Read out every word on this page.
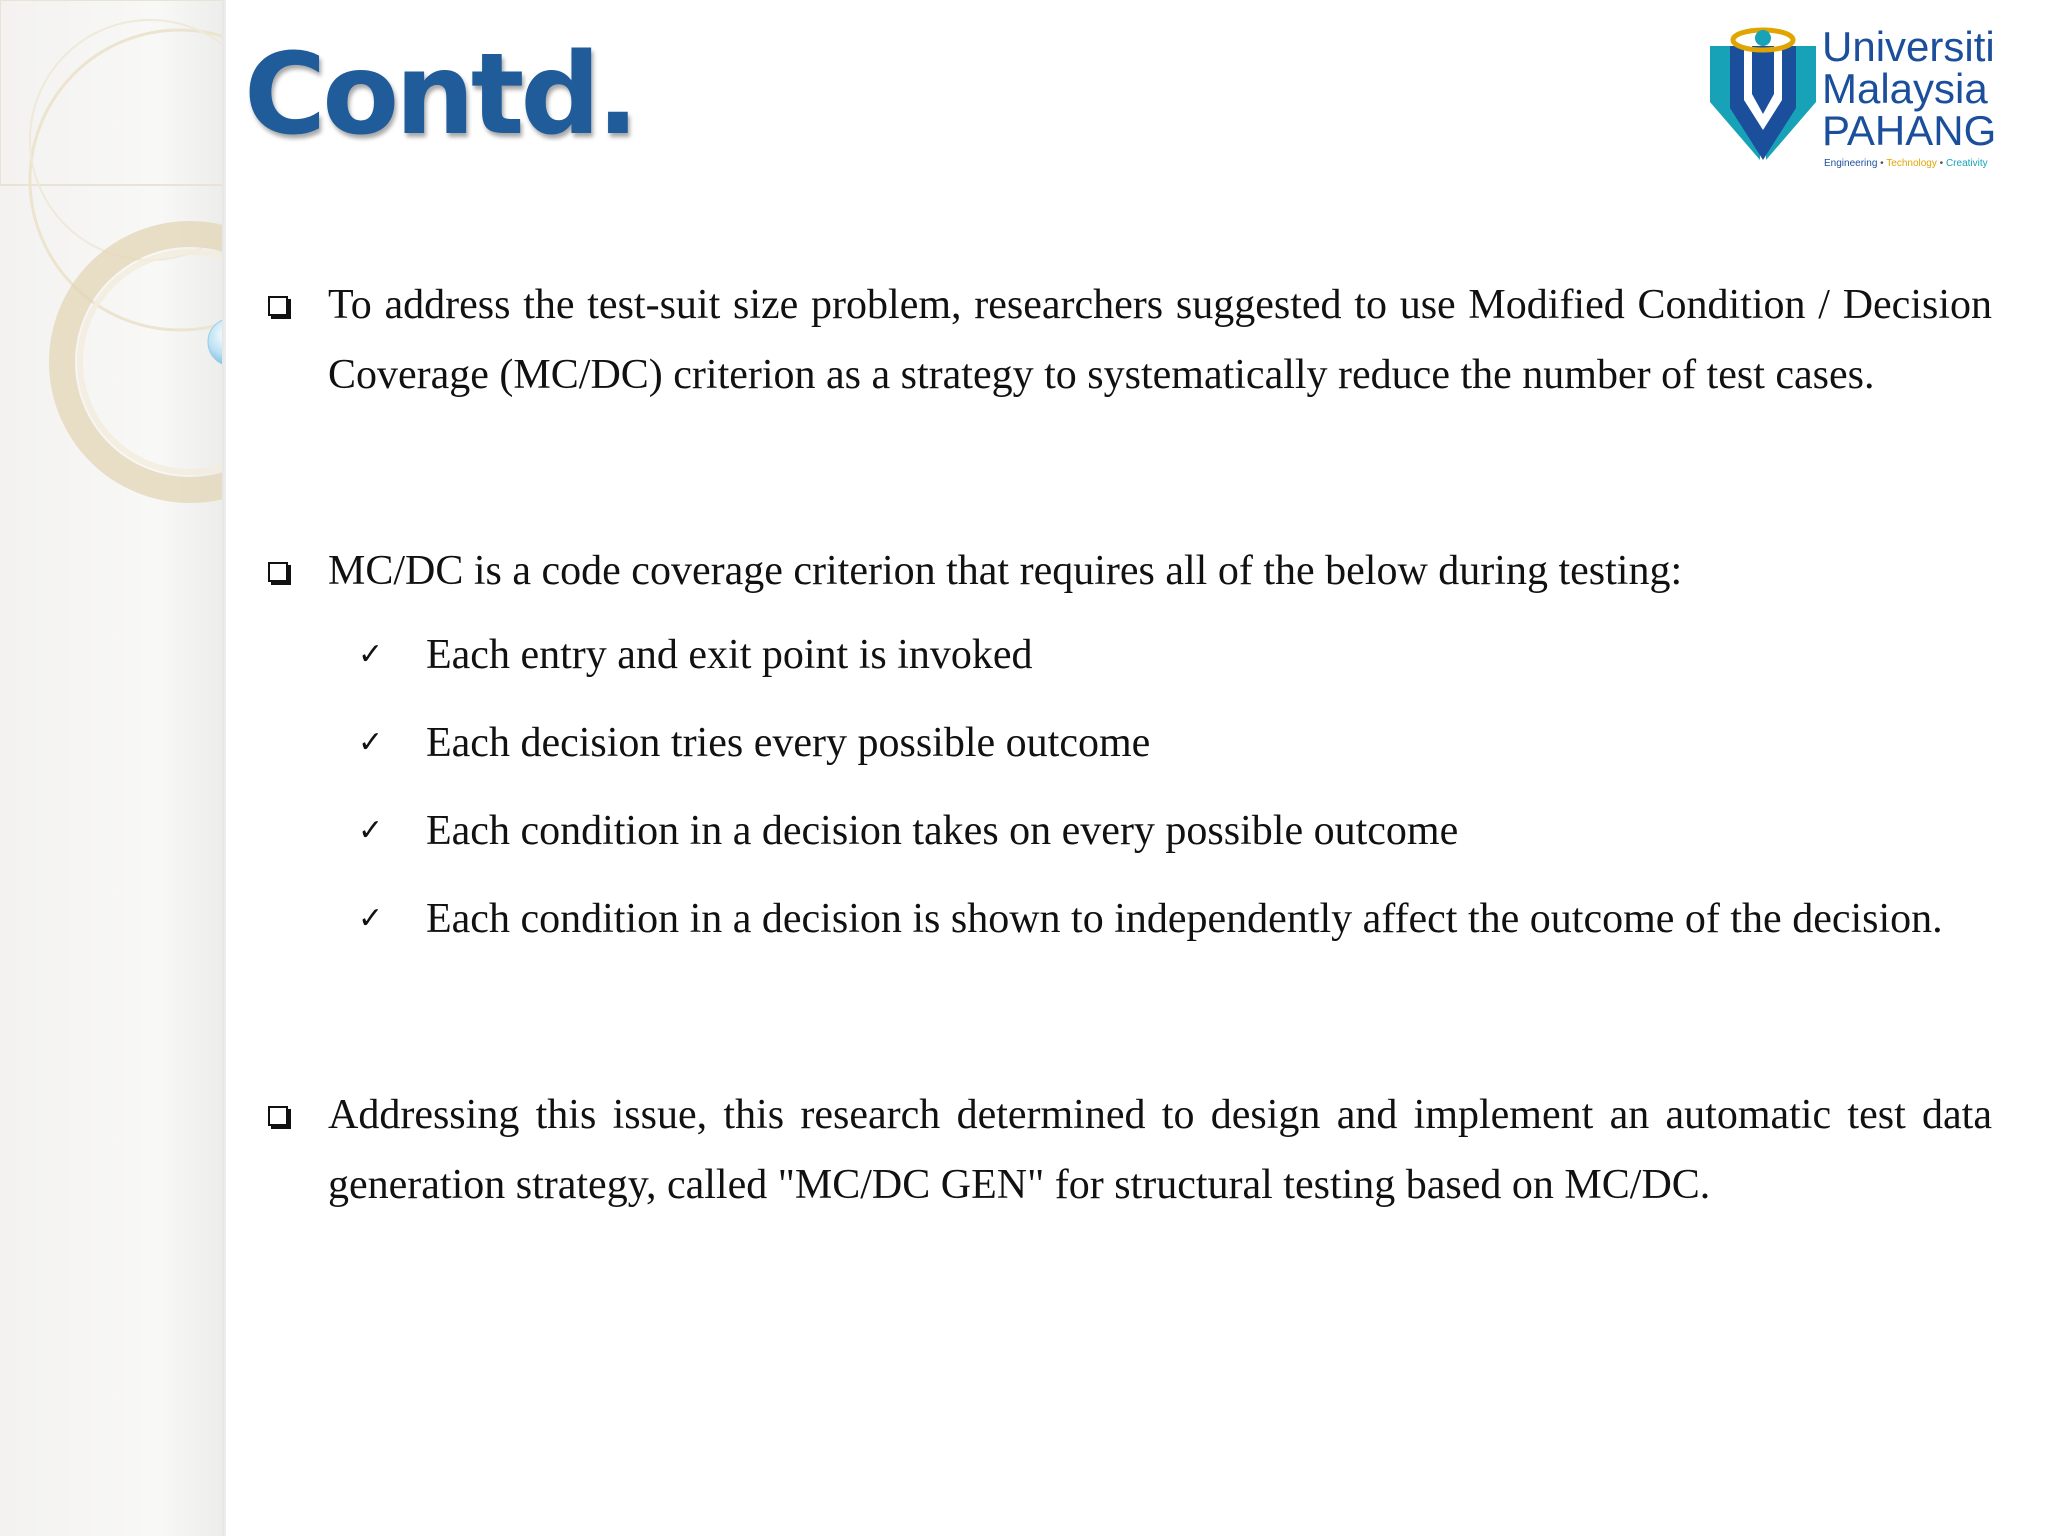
Contd.	Universiti
Malaysia
PAHANG
Engineering • Technology • Creativity
To address the test-suit size problem, researchers suggested to use Modified Condition / Decision Coverage (MC/DC) criterion as a strategy to systematically reduce the number of test cases.
MC/DC is a code coverage criterion that requires all of the below during testing:
✓ Each entry and exit point is invoked
✓ Each decision tries every possible outcome
✓ Each condition in a decision takes on every possible outcome
✓ Each condition in a decision is shown to independently affect the outcome of the decision.
Addressing this issue, this research determined to design and implement an automatic test data generation strategy, called "MC/DC GEN" for structural testing based on MC/DC.
